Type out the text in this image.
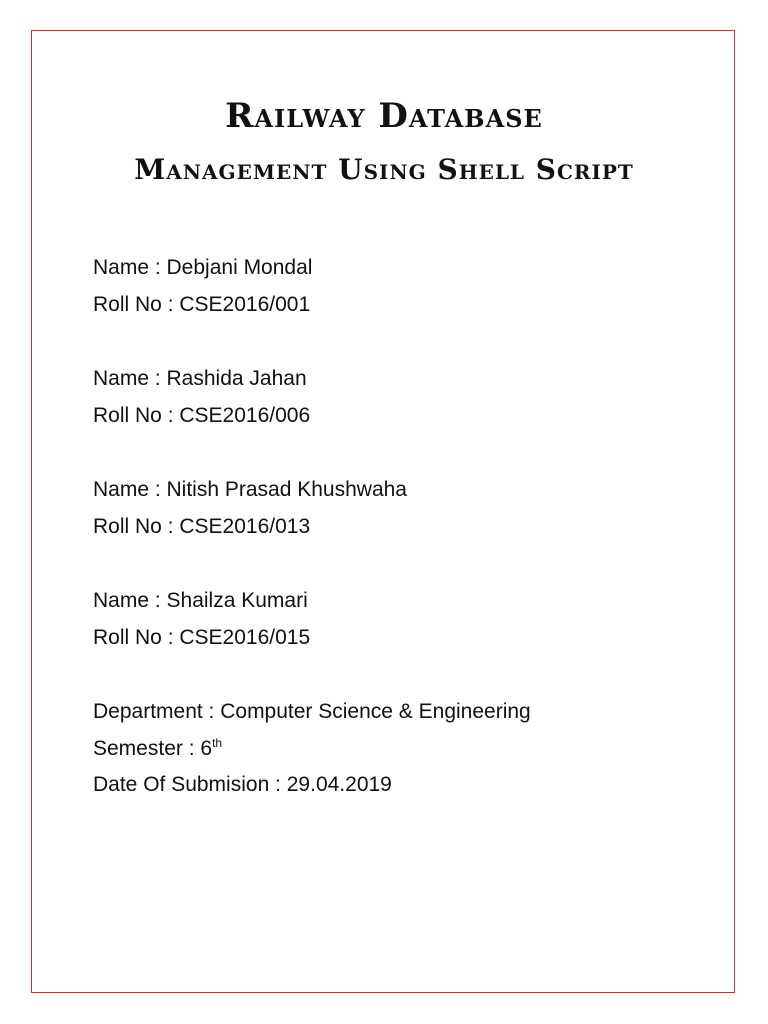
Railway Database
Management Using Shell Script
Name : Debjani Mondal
Roll No : CSE2016/001
Name : Rashida Jahan
Roll No : CSE2016/006
Name : Nitish Prasad Khushwaha
Roll No : CSE2016/013
Name : Shailza Kumari
Roll No : CSE2016/015
Department : Computer Science & Engineering
Semester : 6th
Date Of Submision : 29.04.2019
